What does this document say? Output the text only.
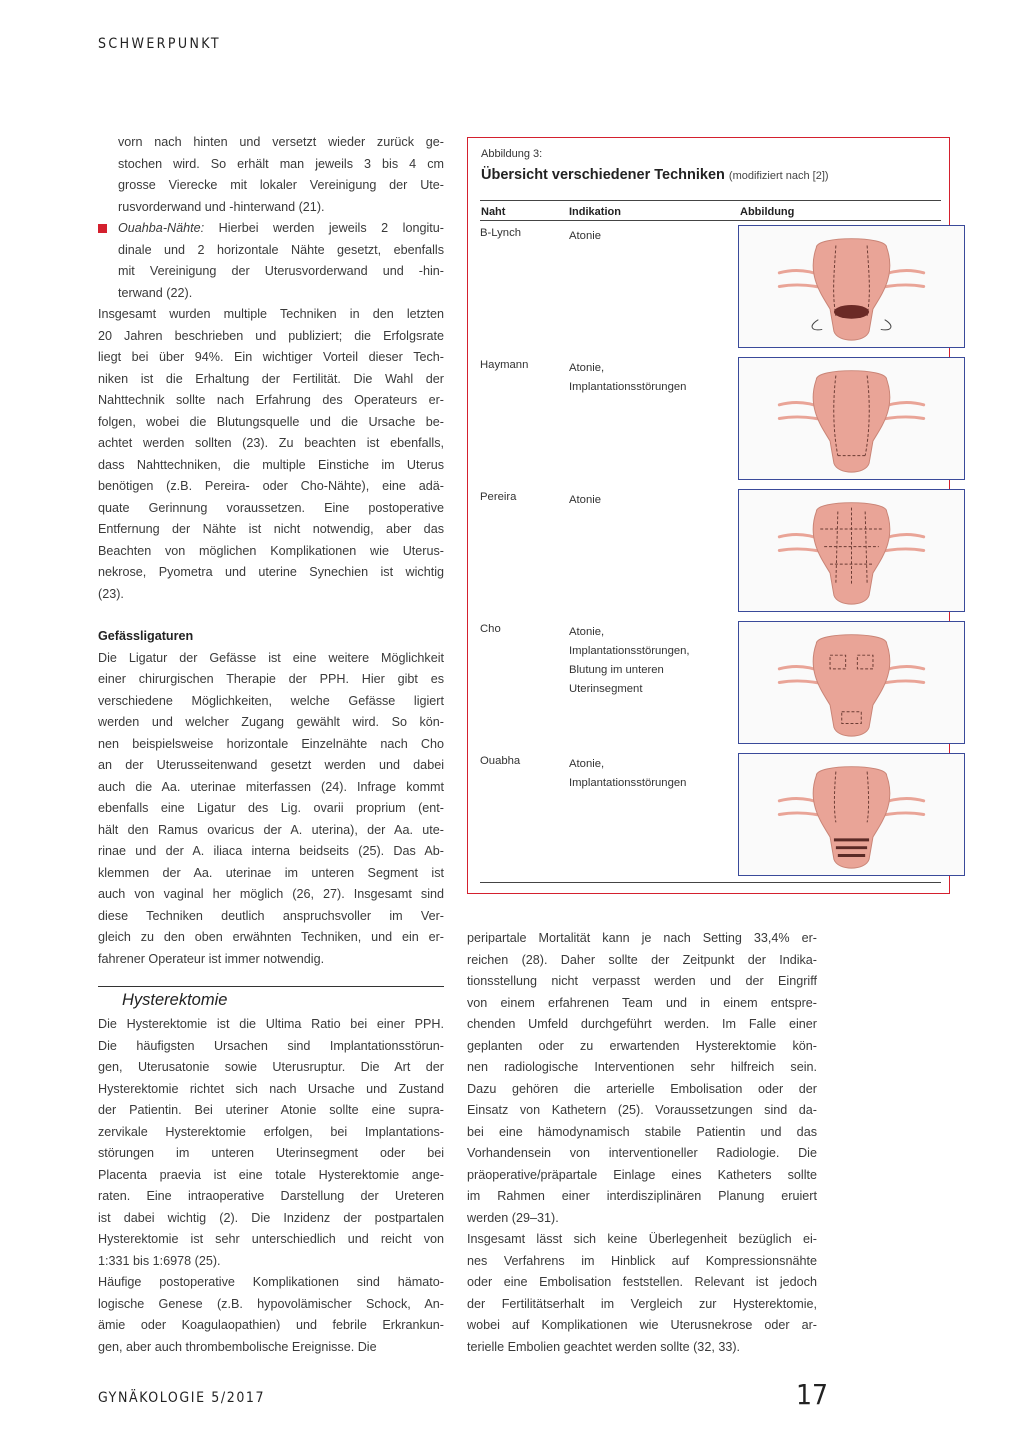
SCHWERPUNKT

vorn nach hinten und versetzt wieder zurück ge-

stochen wird. So erhält man jeweils 3 bis 4 cm

grosse Vierecke mit lokaler Vereinigung der Ute-

rusvorderwand und -hinterwand (21).

Ouahba-Nähte: Hierbei werden jeweils 2 longitu-

dinale und 2 horizontale Nähte gesetzt, ebenfalls

mit Vereinigung der Uterusvorderwand und -hin-

terwand (22).

Insgesamt wurden multiple Techniken in den letzten

20 Jahren beschrieben und publiziert; die Erfolgsrate

liegt bei über 94%. Ein wichtiger Vorteil dieser Tech-

niken ist die Erhaltung der Fertilität. Die Wahl der

Nahttechnik sollte nach Erfahrung des Operateurs er-

folgen, wobei die Blutungsquelle und die Ursache be-

achtet werden sollten (23). Zu beachten ist ebenfalls,

dass Nahttechniken, die multiple Einstiche im Uterus

benötigen (z.B. Pereira- oder Cho-Nähte), eine adä-

quate Gerinnung voraussetzen. Eine postoperative

Entfernung der Nähte ist nicht notwendig, aber das

Beachten von möglichen Komplikationen wie Uterus-

nekrose, Pyometra und uterine Synechien ist wichtig

(23).

Gefässligaturen

Die Ligatur der Gefässe ist eine weitere Möglichkeit

einer chirurgischen Therapie der PPH. Hier gibt es

verschiedene Möglichkeiten, welche Gefässe ligiert

werden und welcher Zugang gewählt wird. So kön-

nen beispielsweise horizontale Einzelnähte nach Cho

an der Uterusseitenwand gesetzt werden und dabei

auch die Aa. uterinae miterfassen (24). Infrage kommt

ebenfalls eine Ligatur des Lig. ovarii proprium (ent-

hält den Ramus ovaricus der A. uterina), der Aa. ute-

rinae und der A. iliaca interna beidseits (25). Das Ab-

klemmen der Aa. uterinae im unteren Segment ist

auch von vaginal her möglich (26, 27). Insgesamt sind

diese Techniken deutlich anspruchsvoller im Ver-

gleich zu den oben erwähnten Techniken, und ein er-

fahrener Operateur ist immer notwendig.

Hysterektomie

Die Hysterektomie ist die Ultima Ratio bei einer PPH.

Die häufigsten Ursachen sind Implantationsstörun-

gen, Uterusatonie sowie Uterusruptur. Die Art der

Hysterektomie richtet sich nach Ursache und Zustand

der Patientin. Bei uteriner Atonie sollte eine supra-

zervikale Hysterektomie erfolgen, bei Implantations-

störungen im unteren Uterinsegment oder bei

Placenta praevia ist eine totale Hysterektomie ange-

raten. Eine intraoperative Darstellung der Ureteren

ist dabei wichtig (2). Die Inzidenz der postpartalen

Hysterektomie ist sehr unterschiedlich und reicht von

1:331 bis 1:6978 (25).

Häufige postoperative Komplikationen sind hämato-

logische Genese (z.B. hypovolämischer Schock, An-

ämie oder Koagulaopathien) und febrile Erkrankun-

gen, aber auch thrombembolische Ereignisse. Die

Abbildung 3:
Übersicht verschiedener Techniken (modifiziert nach [2])
Naht	Indikation	Abbildung
B-Lynch	Atonie
Haymann	Atonie,
Implantationsstörungen
Pereira	Atonie
Cho	Atonie,
Implantationsstörungen,
Blutung im unteren
Uterinsegment
Ouabha	Atonie,
Implantationsstörungen

peripartale Mortalität kann je nach Setting 33,4% er-

reichen (28). Daher sollte der Zeitpunkt der Indika-

tionsstellung nicht verpasst werden und der Eingriff

von einem erfahrenen Team und in einem entspre-

chenden Umfeld durchgeführt werden. Im Falle einer

geplanten oder zu erwartenden Hysterektomie kön-

nen radiologische Interventionen sehr hilfreich sein.

Dazu gehören die arterielle Embolisation oder der

Einsatz von Kathetern (25). Voraussetzungen sind da-

bei eine hämodynamisch stabile Patientin und das

Vorhandensein von interventioneller Radiologie. Die

präoperative/präpartale Einlage eines Katheters sollte

im Rahmen einer interdisziplinären Planung eruiert

werden (29–31).

Insgesamt lässt sich keine Überlegenheit bezüglich ei-

nes Verfahrens im Hinblick auf Kompressionsnähte

oder eine Embolisation feststellen. Relevant ist jedoch

der Fertilitätserhalt im Vergleich zur Hysterektomie,

wobei auf Komplikationen wie Uterusnekrose oder ar-

terielle Embolien geachtet werden sollte (32, 33).

GYNÄKOLOGIE 5/2017	17
